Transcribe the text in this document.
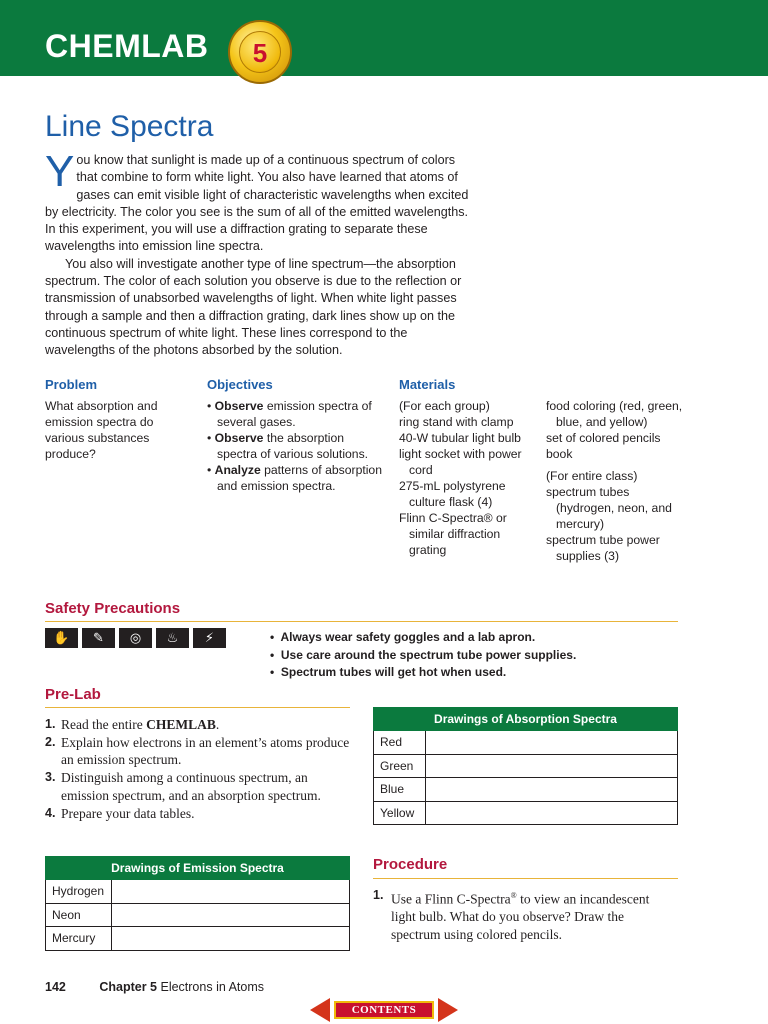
CHEMLAB	5
Line Spectra

You know that sunlight is made up of a continuous spectrum of colors that combine to form white light. You also have learned that atoms of gases can emit visible light of characteristic wavelengths when excited by electricity. The color you see is the sum of all of the emitted wavelengths. In this experiment, you will use a diffraction grating to separate these wavelengths into emission line spectra.

You also will investigate another type of line spectrum—the absorption spectrum. The color of each solution you observe is due to the reflection or transmission of unabsorbed wavelengths of light. When white light passes through a sample and then a diffraction grating, dark lines show up on the continuous spectrum of white light. These lines correspond to the wavelengths of the photons absorbed by the solution.

Problem
What absorption and emission spectra do various substances produce?
Objectives
• Observe emission spectra of several gases.
• Observe the absorption spectra of various solutions.
• Analyze patterns of absorption and emission spectra.
Materials
(For each group)
ring stand with clamp
40-W tubular light bulb
light socket with power cord
275-mL polystyrene culture flask (4)
Flinn C-Spectra® or similar diffraction grating
food coloring (red, green, blue, and yellow)
set of colored pencils
book
(For entire class)
spectrum tubes (hydrogen, neon, and mercury)
spectrum tube power supplies (3)
Safety Precautions
✋	✎	◎	♨	⚡	•  Always wear safety goggles and a lab apron.
•  Use care around the spectrum tube power supplies.
•  Spectrum tubes will get hot when used.
Pre-Lab
1. Read the entire CHEMLAB.
2. Explain how electrons in an element’s atoms produce an emission spectrum.
3. Distinguish among a continuous spectrum, an emission spectrum, and an absorption spectrum.
4. Prepare your data tables.
Drawings of Emission Spectra	
Hydrogen	
Neon	
Mercury	
Drawings of Absorption Spectra	
Red	
Green	
Blue	
Yellow	
Procedure
1. Use a Flinn C-Spectra® to view an incandescent light bulb. What do you observe? Draw the spectrum using colored pencils.
142	Chapter 5 Electrons in Atoms
CONTENTS
